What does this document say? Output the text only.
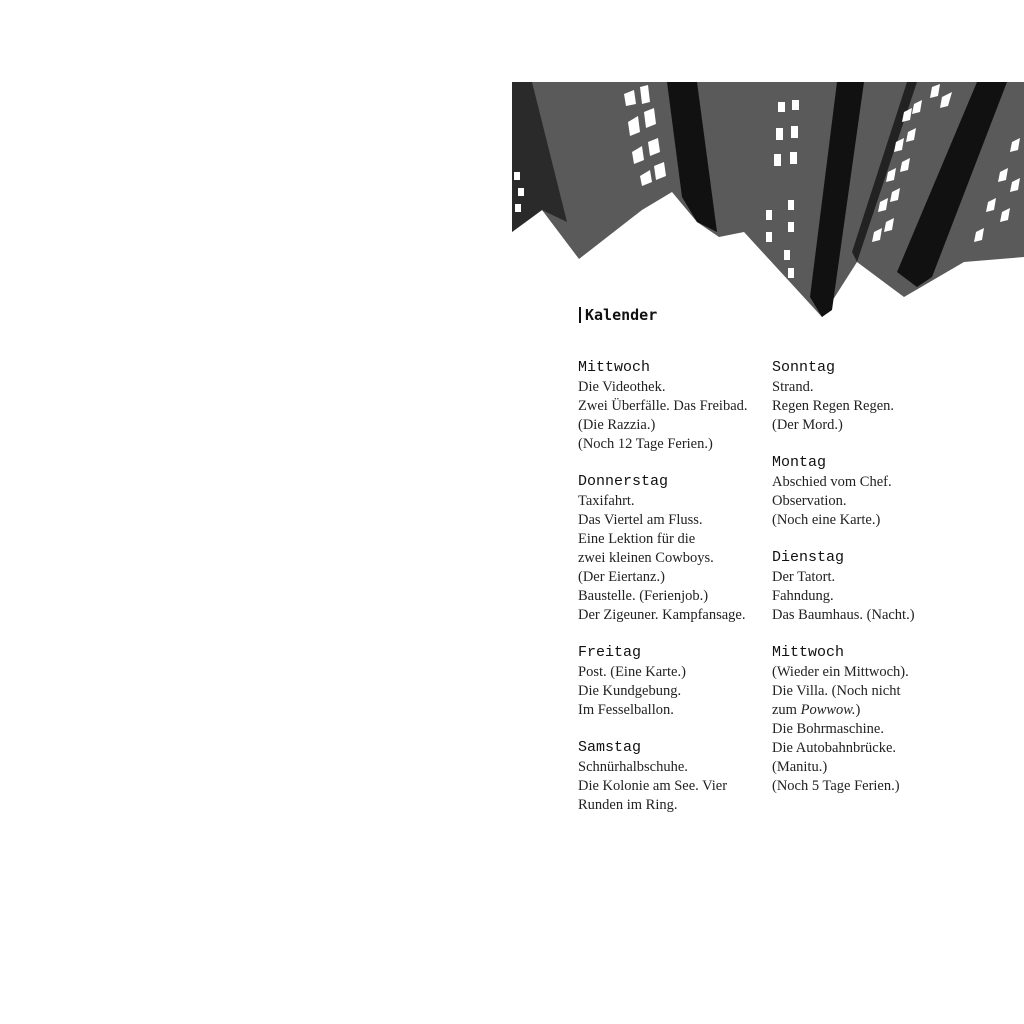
Kalender
Mittwoch
Die Videothek.
Zwei Überfälle. Das Freibad.
(Die Razzia.)
(Noch 12 Tage Ferien.)
Donnerstag
Taxifahrt.
Das Viertel am Fluss.
Eine Lektion für die
zwei kleinen Cowboys.
(Der Eiertanz.)
Baustelle. (Ferienjob.)
Der Zigeuner. Kampfansage.
Freitag
Post. (Eine Karte.)
Die Kundgebung.
Im Fesselballon.
Samstag
Schnürhalbschuhe.
Die Kolonie am See. Vier
Runden im Ring.
Sonntag
Strand.
Regen Regen Regen.
(Der Mord.)
Montag
Abschied vom Chef.
Observation.
(Noch eine Karte.)
Dienstag
Der Tatort.
Fahndung.
Das Baumhaus. (Nacht.)
Mittwoch
(Wieder ein Mittwoch).
Die Villa. (Noch nicht
zum Powwow.)
Die Bohrmaschine.
Die Autobahnbrücke.
(Manitu.)
(Noch 5 Tage Ferien.)
